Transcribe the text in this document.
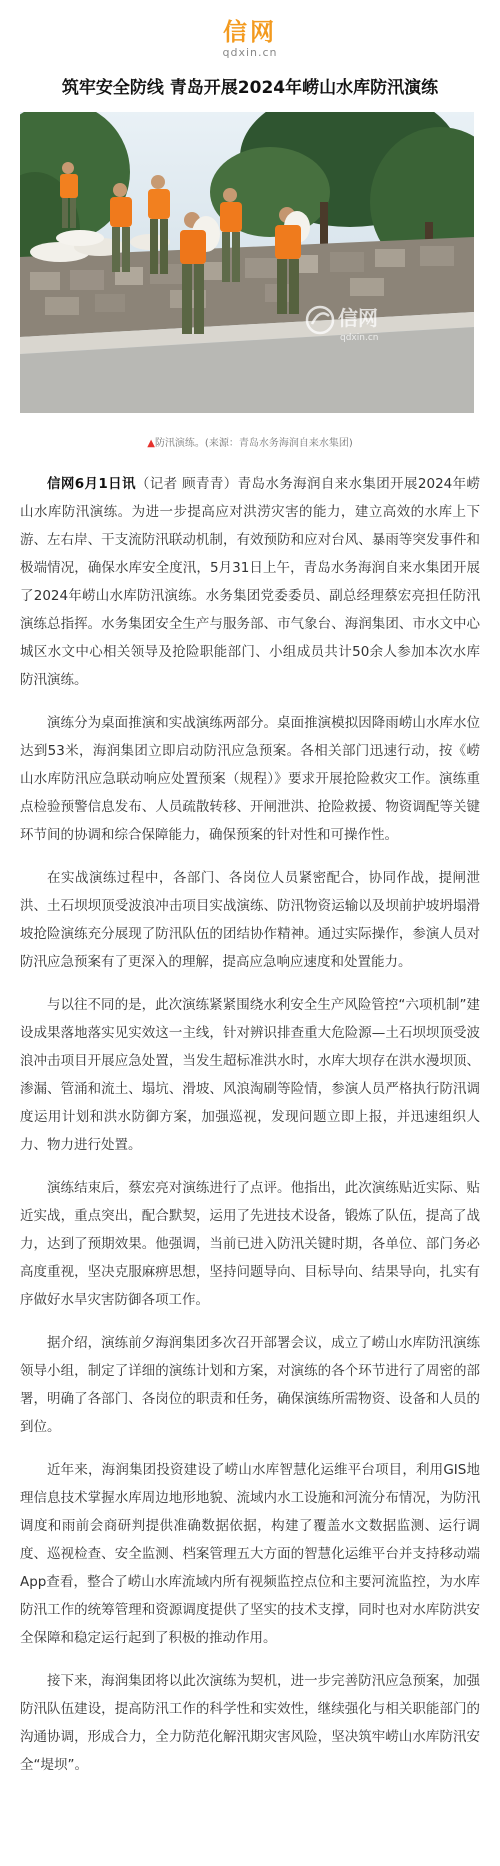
信网
qdxin.cn
筑牢安全防线 青岛开展2024年崂山水库防汛演练
信网
qdxin.cn
▲防汛演练。(来源：青岛水务海润自来水集团)

信网6月1日讯（记者 顾青青）青岛水务海润自来水集团开展2024年崂山水库防汛演练。为进一步提高应对洪涝灾害的能力，建立高效的水库上下游、左右岸、干支流防汛联动机制，有效预防和应对台风、暴雨等突发事件和极端情况，确保水库安全度汛，5月31日上午，青岛水务海润自来水集团开展了2024年崂山水库防汛演练。水务集团党委委员、副总经理蔡宏亮担任防汛演练总指挥。水务集团安全生产与服务部、市气象台、海润集团、市水文中心城区水文中心相关领导及抢险职能部门、小组成员共计50余人参加本次水库防汛演练。

演练分为桌面推演和实战演练两部分。桌面推演模拟因降雨崂山水库水位达到53米，海润集团立即启动防汛应急预案。各相关部门迅速行动，按《崂山水库防汛应急联动响应处置预案（规程）》要求开展抢险救灾工作。演练重点检验预警信息发布、人员疏散转移、开闸泄洪、抢险救援、物资调配等关键环节间的协调和综合保障能力，确保预案的针对性和可操作性。

在实战演练过程中，各部门、各岗位人员紧密配合，协同作战，提闸泄洪、土石坝坝顶受波浪冲击项目实战演练、防汛物资运输以及坝前护坡坍塌滑坡抢险演练充分展现了防汛队伍的团结协作精神。通过实际操作，参演人员对防汛应急预案有了更深入的理解，提高应急响应速度和处置能力。

与以往不同的是，此次演练紧紧围绕水利安全生产风险管控“六项机制”建设成果落地落实见实效这一主线，针对辨识排查重大危险源—土石坝坝顶受波浪冲击项目开展应急处置，当发生超标准洪水时，水库大坝存在洪水漫坝顶、渗漏、管涌和流土、塌坑、滑坡、风浪淘刷等险情，参演人员严格执行防汛调度运用计划和洪水防御方案，加强巡视，发现问题立即上报，并迅速组织人力、物力进行处置。

演练结束后，蔡宏亮对演练进行了点评。他指出，此次演练贴近实际、贴近实战，重点突出，配合默契，运用了先进技术设备，锻炼了队伍，提高了战力，达到了预期效果。他强调，当前已进入防汛关键时期，各单位、部门务必高度重视，坚决克服麻痹思想，坚持问题导向、目标导向、结果导向，扎实有序做好水旱灾害防御各项工作。

据介绍，演练前夕海润集团多次召开部署会议，成立了崂山水库防汛演练领导小组，制定了详细的演练计划和方案，对演练的各个环节进行了周密的部署，明确了各部门、各岗位的职责和任务，确保演练所需物资、设备和人员的到位。

近年来，海润集团投资建设了崂山水库智慧化运维平台项目，利用GIS地理信息技术掌握水库周边地形地貌、流域内水工设施和河流分布情况，为防汛调度和雨前会商研判提供准确数据依据，构建了覆盖水文数据监测、运行调度、巡视检查、安全监测、档案管理五大方面的智慧化运维平台并支持移动端App查看，整合了崂山水库流域内所有视频监控点位和主要河流监控，为水库防汛工作的统筹管理和资源调度提供了坚实的技术支撑，同时也对水库防洪安全保障和稳定运行起到了积极的推动作用。

接下来，海润集团将以此次演练为契机，进一步完善防汛应急预案，加强防汛队伍建设，提高防汛工作的科学性和实效性，继续强化与相关职能部门的沟通协调，形成合力，全力防范化解汛期灾害风险，坚决筑牢崂山水库防汛安全“堤坝”。
